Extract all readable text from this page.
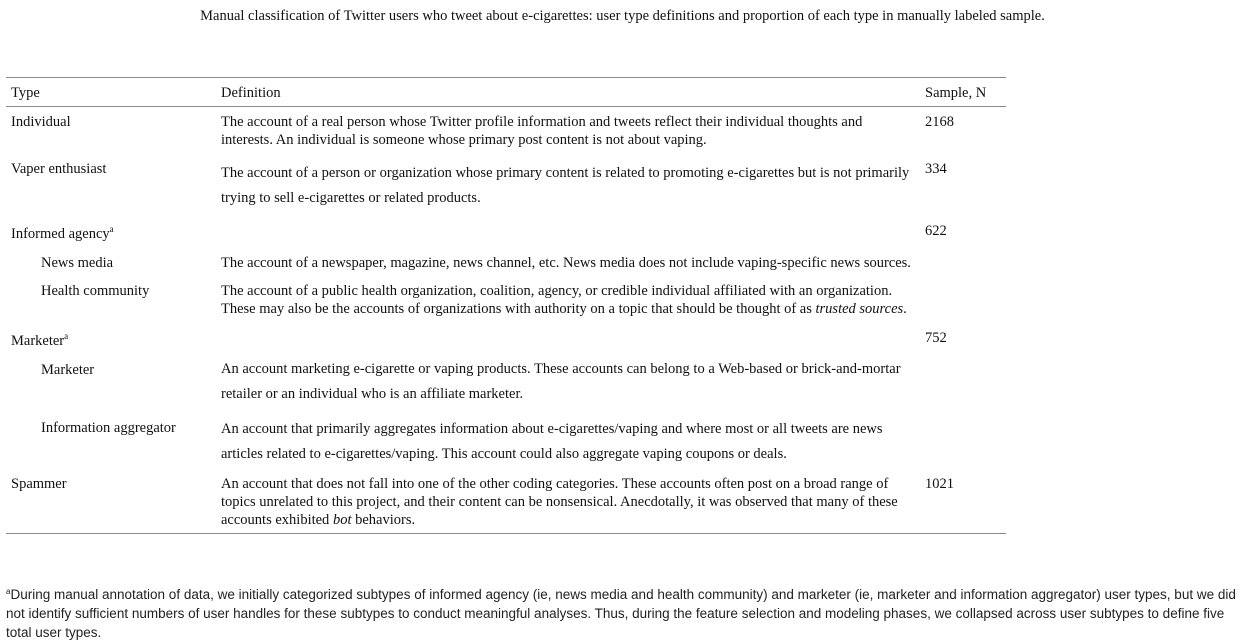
Manual classification of Twitter users who tweet about e-cigarettes: user type definitions and proportion of each type in manually labeled sample.
Type	Definition	Sample, N
Individual	The account of a real person whose Twitter profile information and tweets reflect their individual thoughts and interests. An individual is someone whose primary post content is not about vaping.	2168
Vaper enthusiast	The account of a person or organization whose primary content is related to promoting e-cigarettes but is not primarily trying to sell e-cigarettes or related products.	334
Informed agency$^a$		622
News media	The account of a newspaper, magazine, news channel, etc. News media does not include vaping-specific news sources.	
Health community	The account of a public health organization, coalition, agency, or credible individual affiliated with an organization. These may also be the accounts of organizations with authority on a topic that should be thought of as trusted sources.	
Marketer$^a$		752
Marketer	An account marketing e-cigarette or vaping products. These accounts can belong to a Web-based or brick-and-mortar retailer or an individual who is an affiliate marketer.	
Information aggregator	An account that primarily aggregates information about e-cigarettes/vaping and where most or all tweets are news articles related to e-cigarettes/vaping. This account could also aggregate vaping coupons or deals.	
Spammer	An account that does not fall into one of the other coding categories. These accounts often post on a broad range of topics unrelated to this project, and their content can be nonsensical. Anecdotally, it was observed that many of these accounts exhibited bot behaviors.	1021
$^a$During manual annotation of data, we initially categorized subtypes of informed agency (ie, news media and health community) and marketer (ie, marketer and information aggregator) user types, but we did not identify sufficient numbers of user handles for these subtypes to conduct meaningful analyses. Thus, during the feature selection and modeling phases, we collapsed across user subtypes to define five total user types.
